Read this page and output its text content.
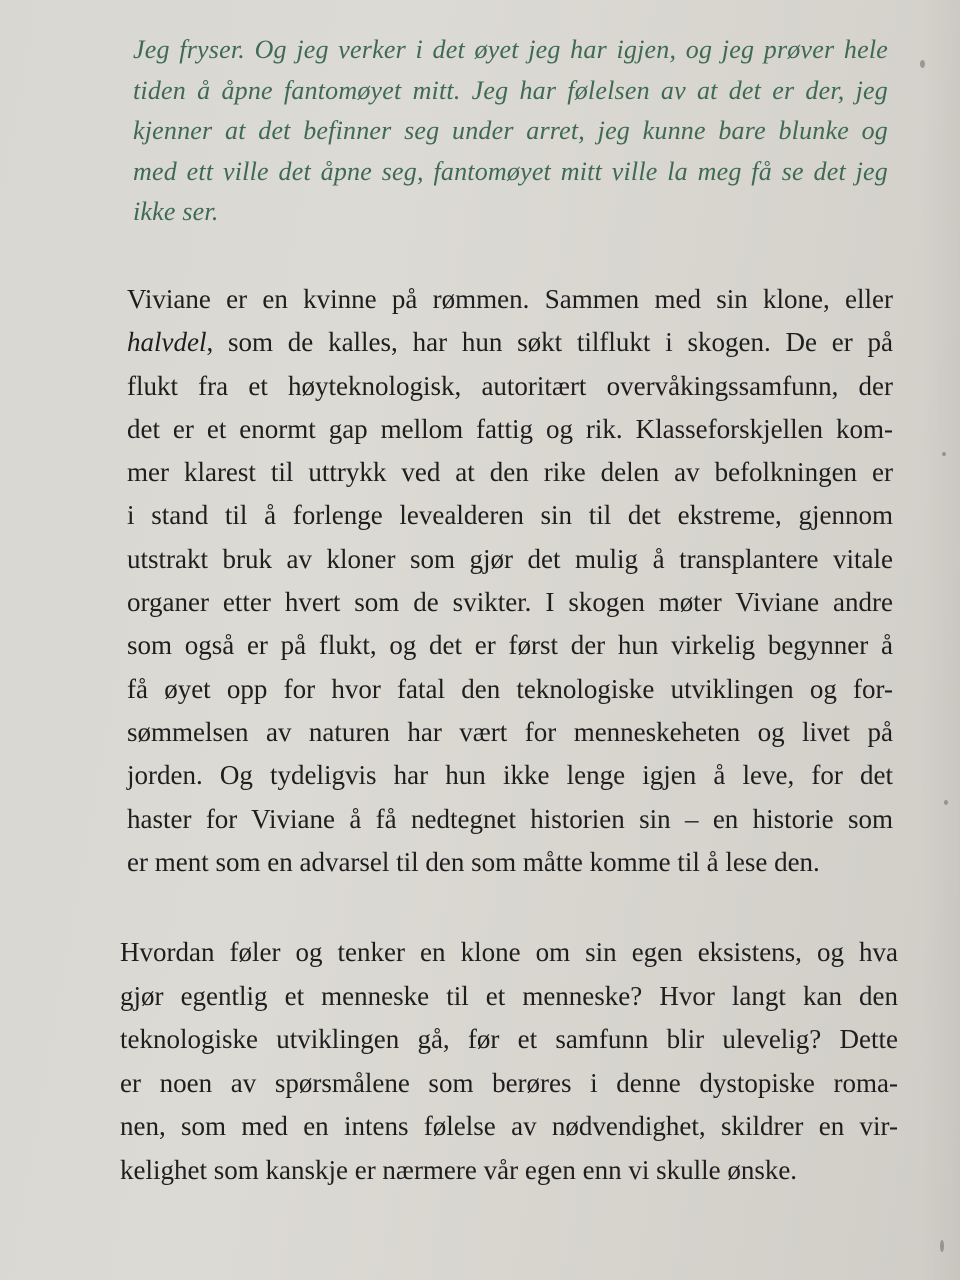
Jeg fryser. Og jeg verker i det øyet jeg har igjen, og jeg prøver hele
tiden å åpne fantomøyet mitt. Jeg har følelsen av at det er der, jeg
kjenner at det befinner seg under arret, jeg kunne bare blunke og
med ett ville det åpne seg, fantomøyet mitt ville la meg få se det jeg
ikke ser.

Viviane er en kvinne på rømmen. Sammen med sin klone, eller
halvdel, som de kalles, har hun søkt tilflukt i skogen. De er på
flukt fra et høyteknologisk, autoritært overvåkingssamfunn, der
det er et enormt gap mellom fattig og rik. Klasseforskjellen kom-
mer klarest til uttrykk ved at den rike delen av befolkningen er
i stand til å forlenge levealderen sin til det ekstreme, gjennom
utstrakt bruk av kloner som gjør det mulig å transplantere vitale
organer etter hvert som de svikter. I skogen møter Viviane andre
som også er på flukt, og det er først der hun virkelig begynner å
få øyet opp for hvor fatal den teknologiske utviklingen og for-
sømmelsen av naturen har vært for menneskeheten og livet på
jorden. Og tydeligvis har hun ikke lenge igjen å leve, for det
haster for Viviane å få nedtegnet historien sin – en historie som
er ment som en advarsel til den som måtte komme til å lese den.

Hvordan føler og tenker en klone om sin egen eksistens, og hva
gjør egentlig et menneske til et menneske? Hvor langt kan den
teknologiske utviklingen gå, før et samfunn blir ulevelig? Dette
er noen av spørsmålene som berøres i denne dystopiske roma-
nen, som med en intens følelse av nødvendighet, skildrer en vir-
kelighet som kanskje er nærmere vår egen enn vi skulle ønske.
